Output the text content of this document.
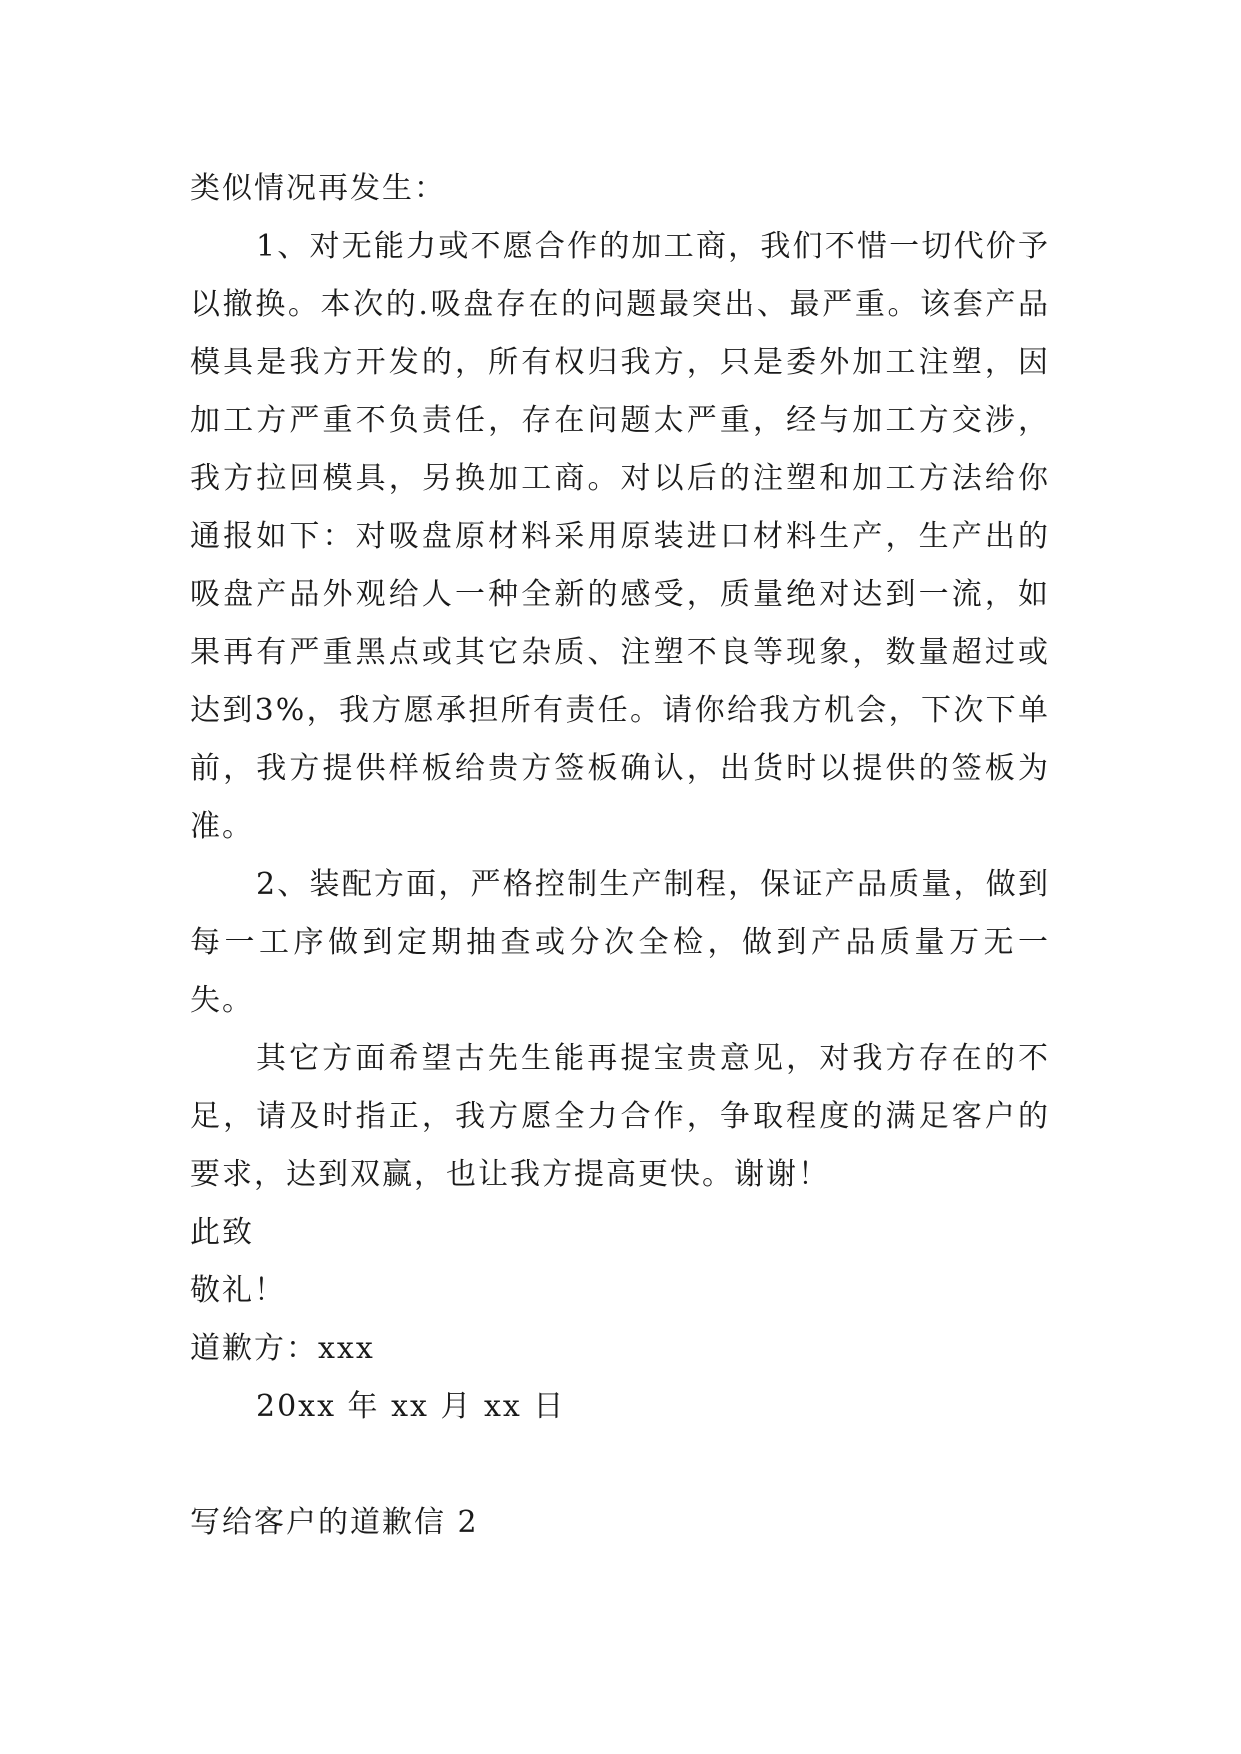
类似情况再发生：

1、对无能力或不愿合作的加工商，我们不惜一切代价予以撤换。本次的.吸盘存在的问题最突出、最严重。该套产品模具是我方开发的，所有权归我方，只是委外加工注塑，因加工方严重不负责任，存在问题太严重，经与加工方交涉，我方拉回模具，另换加工商。对以后的注塑和加工方法给你通报如下：对吸盘原材料采用原装进口材料生产，生产出的吸盘产品外观给人一种全新的感受，质量绝对达到一流，如果再有严重黑点或其它杂质、注塑不良等现象，数量超过或达到3%，我方愿承担所有责任。请你给我方机会，下次下单前，我方提供样板给贵方签板确认，出货时以提供的签板为准。

2、装配方面，严格控制生产制程，保证产品质量，做到每一工序做到定期抽查或分次全检，做到产品质量万无一失。

其它方面希望古先生能再提宝贵意见，对我方存在的不足，请及时指正，我方愿全力合作，争取程度的满足客户的要求，达到双赢，也让我方提高更快。谢谢！

此致

敬礼！

道歉方：xxx

20xx 年 xx 月 xx 日

写给客户的道歉信 2
